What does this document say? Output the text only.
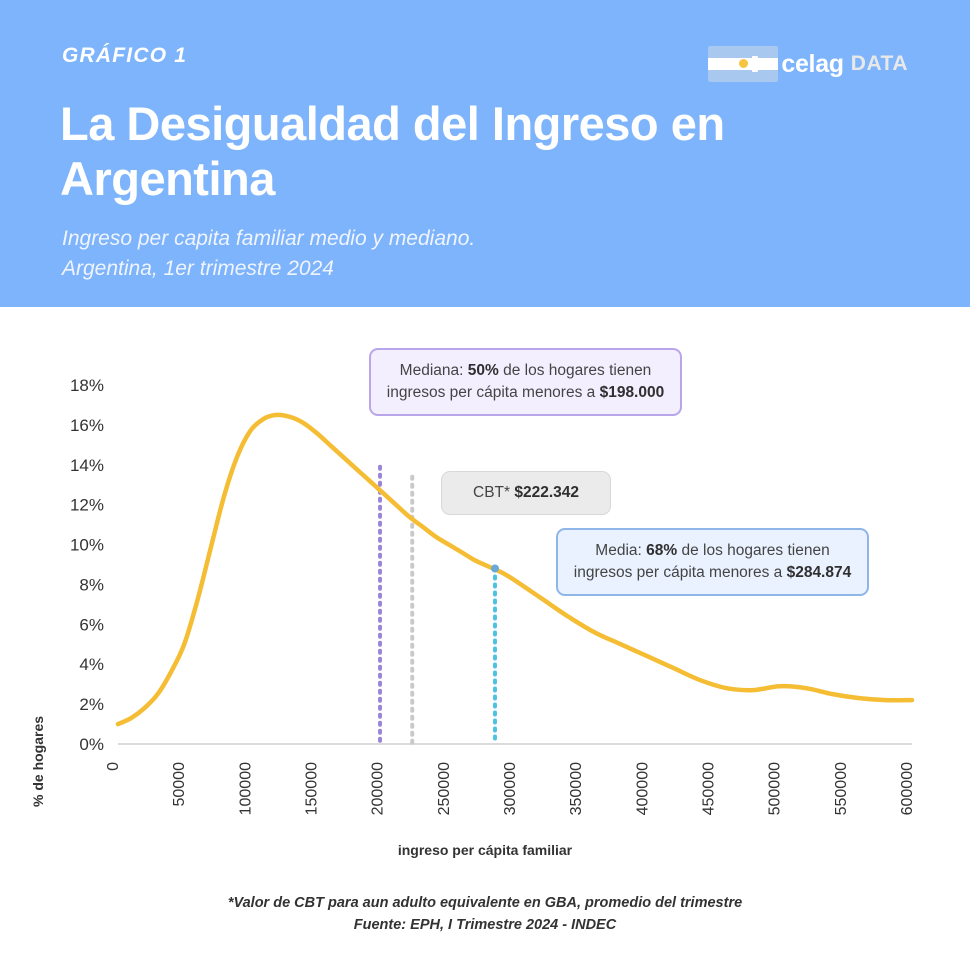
GRÁFICO 1
La Desigualdad del Ingreso en Argentina
Ingreso per capita familiar medio y mediano.
Argentina, 1er trimestre 2024
celag DATA
0%
2%
4%
6%
8%
10%
12%
14%
16%
18%
0	50000	100000	150000	200000	250000	300000	350000	400000	450000	500000	550000	600000
% de hogares
ingreso per cápita familiar
Mediana: 50% de los hogares tienen ingresos per cápita menores a $198.000
CBT* $222.342
Media: 68% de los hogares tienen ingresos per cápita menores a $284.874
*Valor de CBT para aun adulto equivalente en GBA, promedio del trimestre
Fuente: EPH, I Trimestre 2024 - INDEC
